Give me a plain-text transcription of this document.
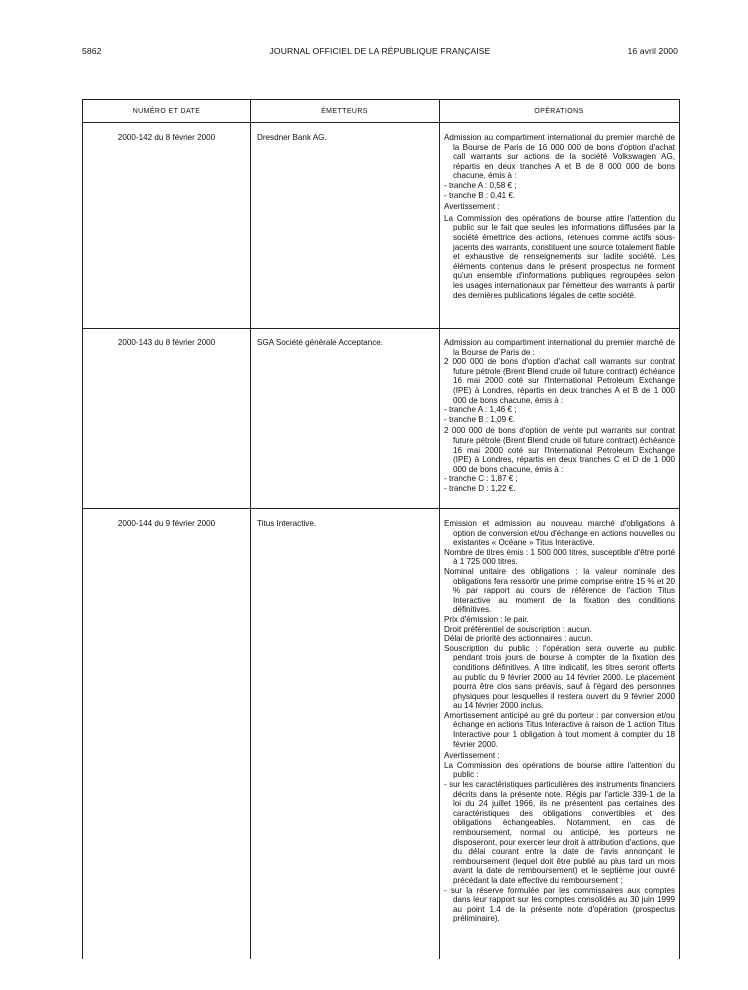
5862	JOURNAL OFFICIEL DE LA RÉPUBLIQUE FRANÇAISE	16 avril 2000
NUMÉRO ET DATE	ÉMETTEURS	OPÉRATIONS
2000-142 du 8 février 2000	Dresdner Bank AG.	Admission au compartiment international du premier marché de la Bourse de Paris de 16 000 000 de bons d'option d'achat call warrants sur actions de la société Volkswagen AG, répartis en deux tranches A et B de 8 000 000 de bons chacune, émis à :

- tranche A : 0,58 € ;

- tranche B : 0,41 €.

Avertissement :

La Commission des opérations de bourse attire l'attention du public sur le fait que seules les informations diffusées par la société émettrice des actions, retenues comme actifs sous-jacents des warrants, constituent une source totalement fiable et exhaustive de renseignements sur ladite société. Les éléments contenus dans le présent prospectus ne forment qu'un ensemble d'informations publiques regroupées selon les usages internationaux par l'émetteur des warrants à partir des dernières publications légales de cette société.

2000-143 du 8 février 2000	SGA Société générale Acceptance.	Admission au compartiment international du premier marché de la Bourse de Paris de :

2 000 000 de bons d'option d'achat call warrants sur contrat future pétrole (Brent Blend crude oil future contract) échéance 16 mai 2000 coté sur l'International Petroleum Exchange (IPE) à Londres, répartis en deux tranches A et B de 1 000 000 de bons chacune, émis à :

- tranche A : 1,46 € ;

- tranche B : 1,09 €.

2 000 000 de bons d'option de vente put warrants sur contrat future pétrole (Brent Blend crude oil future contract) échéance 16 mai 2000 coté sur l'International Petroleum Exchange (IPE) à Londres, répartis en deux tranches C et D de 1 000 000 de bons chacune, émis à :

- tranche C : 1,87 € ;

- tranche D : 1,22 €.

2000-144 du 9 février 2000	Titus Interactive.	Emission et admission au nouveau marché d'obligations à option de conversion et/ou d'échange en actions nouvelles ou existantes « Océane » Titus Interactive.

Nombre de titres émis : 1 500 000 titres, susceptible d'être porté à 1 725 000 titres.

Nominal unitaire des obligations : la valeur nominale des obligations fera ressortir une prime comprise entre 15 % et 20 % par rapport au cours de référence de l'action Titus Interactive au moment de la fixation des conditions définitives.

Prix d'émission : le pair.

Droit préférentiel de souscription : aucun.

Délai de priorité des actionnaires : aucun.

Souscription du public : l'opération sera ouverte au public pendant trois jours de bourse à compter de la fixation des conditions définitives. A titre indicatif, les titres seront offerts au public du 9 février 2000 au 14 février 2000. Le placement pourra être clos sans préavis, sauf à l'égard des personnes physiques pour lesquelles il restera ouvert du 9 février 2000 au 14 février 2000 inclus.

Amortissement anticipé au gré du porteur : par conversion et/ou échange en actions Titus Interactive à raison de 1 action Titus Interactive pour 1 obligation à tout moment à compter du 18 février 2000.

Avertissement :

La Commission des opérations de bourse attire l'attention du public :

- sur les caractéristiques particulières des instruments financiers décrits dans la présente note. Régis par l'article 339-1 de la loi du 24 juillet 1966, ils ne présentent pas certaines des caractéristiques des obligations convertibles et des obligations échangeables. Notamment, en cas de remboursement, normal ou anticipé, les porteurs ne disposeront, pour exercer leur droit à attribution d'actions, que du délai courant entre la date de l'avis annonçant le remboursement (lequel doit être publié au plus tard un mois avant la date de remboursement) et le septième jour ouvré précédant la date effective du remboursement ;

- sur la réserve formulée par les commissaires aux comptes dans leur rapport sur les comptes consolidés au 30 juin 1999 au point 1.4 de la présente note d'opération (prospectus préliminaire).
